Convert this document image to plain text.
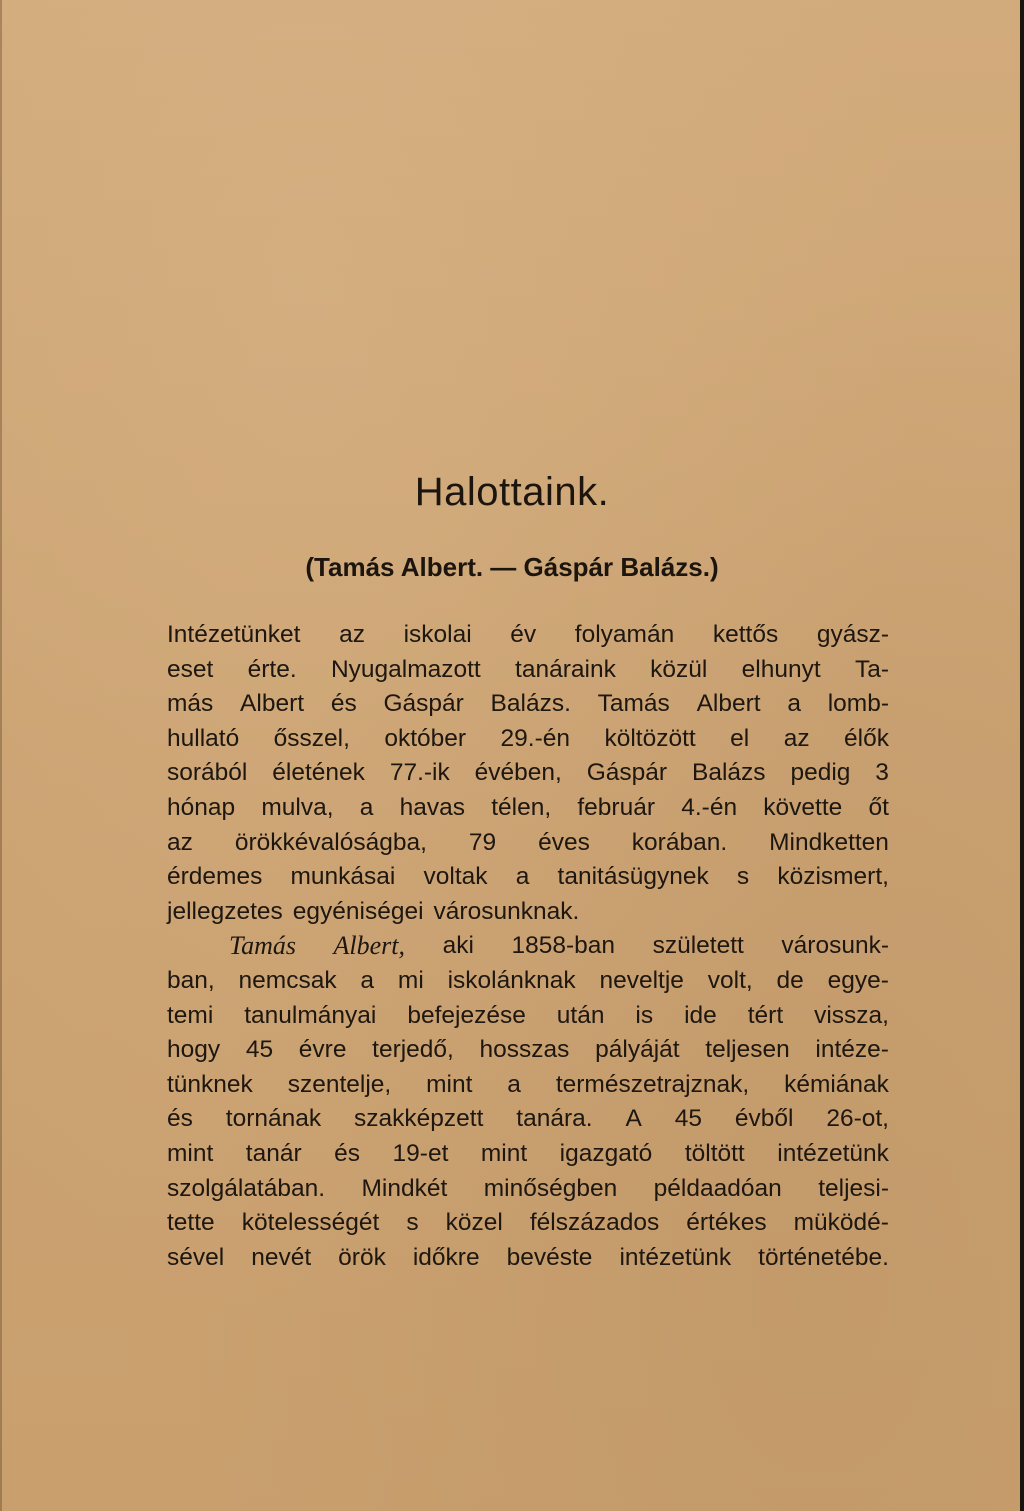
Halottaink.
(Tamás Albert. — Gáspár Balázs.)
Intézetünket az iskolai év folyamán kettős gyász-
eset érte. Nyugalmazott tanáraink közül elhunyt Ta-
más Albert és Gáspár Balázs. Tamás Albert a lomb-
hullató ősszel, október 29.-én költözött el az élők
sorából életének 77.-ik évében, Gáspár Balázs pedig 3
hónap mulva, a havas télen, február 4.-én követte őt
az örökkévalóságba, 79 éves korában. Mindketten
érdemes munkásai voltak a tanitásügynek s közismert,
jellegzetes egyéniségei városunknak.
Tamás Albert, aki 1858-ban született városunk-
ban, nemcsak a mi iskolánknak neveltje volt, de egye-
temi tanulmányai befejezése után is ide tért vissza,
hogy 45 évre terjedő, hosszas pályáját teljesen intéze-
tünknek szentelje, mint a természetrajznak, kémiának
és tornának szakképzett tanára. A 45 évből 26-ot,
mint tanár és 19-et mint igazgató töltött intézetünk
szolgálatában. Mindkét minőségben példaadóan teljesi-
tette kötelességét s közel félszázados értékes müködé-
sével nevét örök időkre bevéste intézetünk történetébe.
